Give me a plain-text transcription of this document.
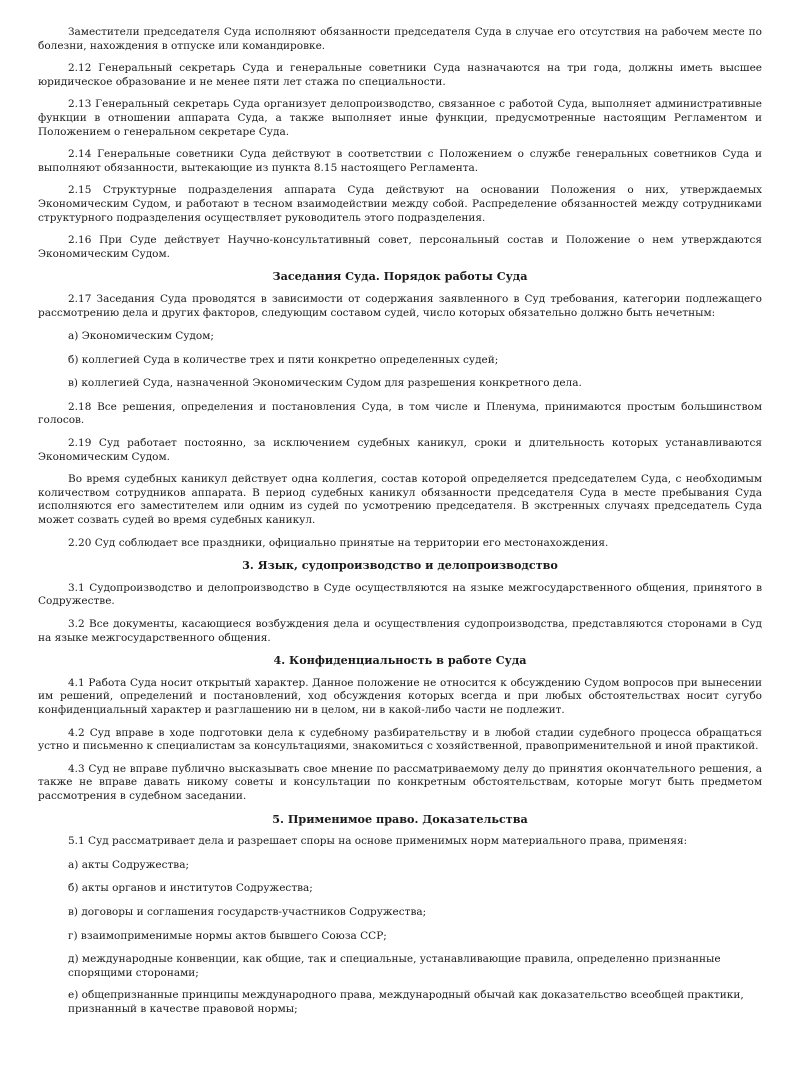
Заместители председателя Суда исполняют обязанности председателя Суда в случае его отсутствия на рабочем месте по болезни, нахождения в отпуске или командировке.
2.12 Генеральный секретарь Суда и генеральные советники Суда назначаются на три года, должны иметь высшее юридическое образование и не менее пяти лет стажа по специальности.
2.13 Генеральный секретарь Суда организует делопроизводство, связанное с работой Суда, выполняет административные функции в отношении аппарата Суда, а также выполняет иные функции, предусмотренные настоящим Регламентом и Положением о генеральном секретаре Суда.
2.14 Генеральные советники Суда действуют в соответствии с Положением о службе генеральных советников Суда и выполняют обязанности, вытекающие из пункта 8.15 настоящего Регламента.
2.15 Структурные подразделения аппарата Суда действуют на основании Положения о них, утверждаемых Экономическим Судом, и работают в тесном взаимодействии между собой. Распределение обязанностей между сотрудниками структурного подразделения осуществляет руководитель этого подразделения.
2.16 При Суде действует Научно-консультативный совет, персональный состав и Положение о нем утверждаются Экономическим Судом.
Заседания Суда. Порядок работы Суда
2.17 Заседания Суда проводятся в зависимости от содержания заявленного в Суд требования, категории подлежащего рассмотрению дела и других факторов, следующим составом судей, число которых обязательно должно быть нечетным:
а) Экономическим Судом;
б) коллегией Суда в количестве трех и пяти конкретно определенных судей;
в) коллегией Суда, назначенной Экономическим Судом для разрешения конкретного дела.
2.18 Все решения, определения и постановления Суда, в том числе и Пленума, принимаются простым большинством голосов.
2.19 Суд работает постоянно, за исключением судебных каникул, сроки и длительность которых устанавливаются Экономическим Судом.
Во время судебных каникул действует одна коллегия, состав которой определяется председателем Суда, с необходимым количеством сотрудников аппарата. В период судебных каникул обязанности председателя Суда в месте пребывания Суда исполняются его заместителем или одним из судей по усмотрению председателя. В экстренных случаях председатель Суда может созвать судей во время судебных каникул.
2.20 Суд соблюдает все праздники, официально принятые на территории его местонахождения.
3. Язык, судопроизводство и делопроизводство
3.1 Судопроизводство и делопроизводство в Суде осуществляются на языке межгосударственного общения, принятого в Содружестве.
3.2 Все документы, касающиеся возбуждения дела и осуществления судопроизводства, представляются сторонами в Суд на языке межгосударственного общения.
4. Конфиденциальность в работе Суда
4.1 Работа Суда носит открытый характер. Данное положение не относится к обсуждению Судом вопросов при вынесении им решений, определений и постановлений, ход обсуждения которых всегда и при любых обстоятельствах носит сугубо конфиденциальный характер и разглашению ни в целом, ни в какой-либо части не подлежит.
4.2 Суд вправе в ходе подготовки дела к судебному разбирательству и в любой стадии судебного процесса обращаться устно и письменно к специалистам за консультациями, знакомиться с хозяйственной, правоприменительной и иной практикой.
4.3 Суд не вправе публично высказывать свое мнение по рассматриваемому делу до принятия окончательного решения, а также не вправе давать никому советы и консультации по конкретным обстоятельствам, которые могут быть предметом рассмотрения в судебном заседании.
5. Применимое право. Доказательства
5.1 Суд рассматривает дела и разрешает споры на основе применимых норм материального права, применяя:
а) акты Содружества;
б) акты органов и институтов Содружества;
в) договоры и соглашения государств-участников Содружества;
г) взаимоприменимые нормы актов бывшего Союза ССР;
д) международные конвенции, как общие, так и специальные, устанавливающие правила, определенно признанные спорящими сторонами;
е) общепризнанные принципы международного права, международный обычай как доказательство всеобщей практики, признанный в качестве правовой нормы;
